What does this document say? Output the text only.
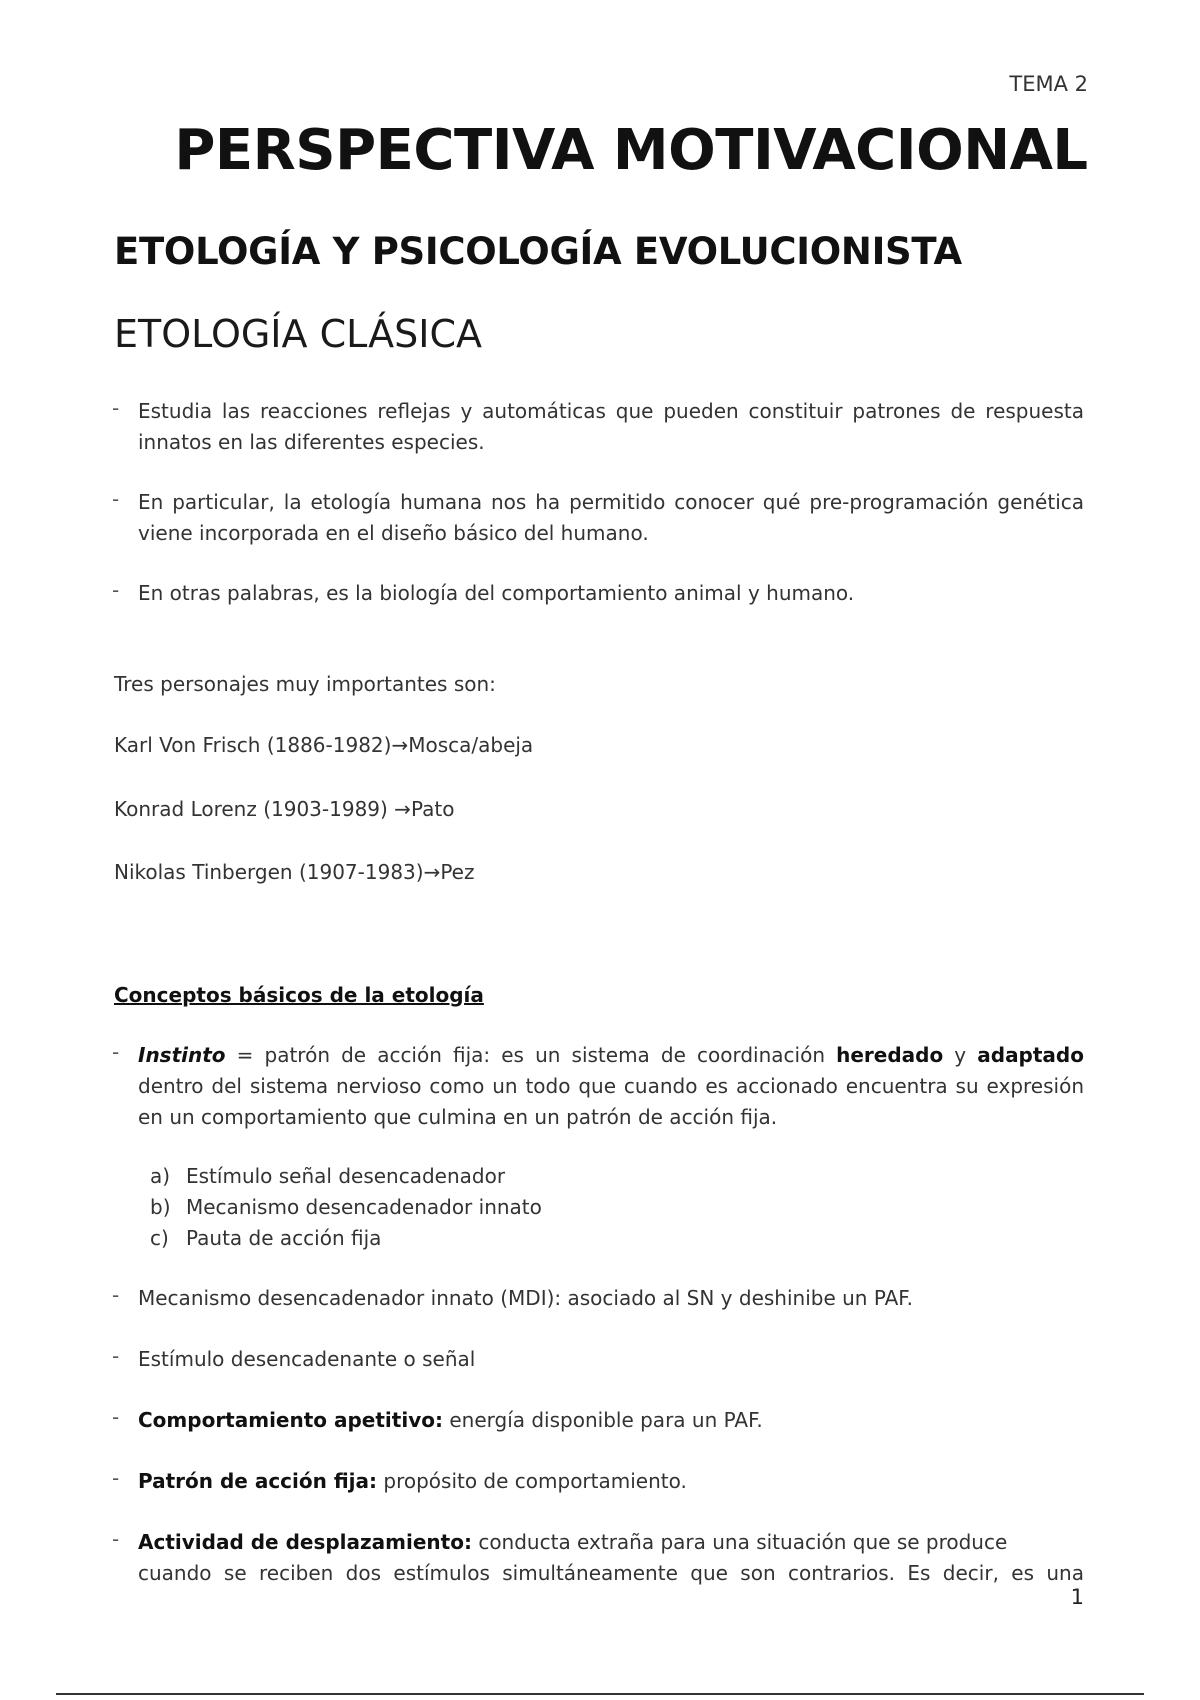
TEMA 2
PERSPECTIVA MOTIVACIONAL
ETOLOGÍA Y PSICOLOGÍA EVOLUCIONISTA
ETOLOGÍA CLÁSICA
- Estudia las reacciones reflejas y automáticas que pueden constituir patrones de respuesta innatos en las diferentes especies.
- En particular, la etología humana nos ha permitido conocer qué pre-programación genética viene incorporada en el diseño básico del humano.
- En otras palabras, es la biología del comportamiento animal y humano.
Tres personajes muy importantes son:
Karl Von Frisch (1886-1982)→Mosca/abeja
Konrad Lorenz (1903-1989) →Pato
Nikolas Tinbergen (1907-1983)→Pez
Conceptos básicos de la etología
- Instinto = patrón de acción fija: es un sistema de coordinación heredado y adaptado dentro del sistema nervioso como un todo que cuando es accionado encuentra su expresión en un comportamiento que culmina en un patrón de acción fija.
a) Estímulo señal desencadenador
b) Mecanismo desencadenador innato
c) Pauta de acción fija
- Mecanismo desencadenador innato (MDI): asociado al SN y deshinibe un PAF.
- Estímulo desencadenante o señal
- Comportamiento apetitivo: energía disponible para un PAF.
- Patrón de acción fija: propósito de comportamiento.
- Actividad de desplazamiento: conducta extraña para una situación que se produce
cuando se reciben dos estímulos simultáneamente que son contrarios. Es decir, es una
1
